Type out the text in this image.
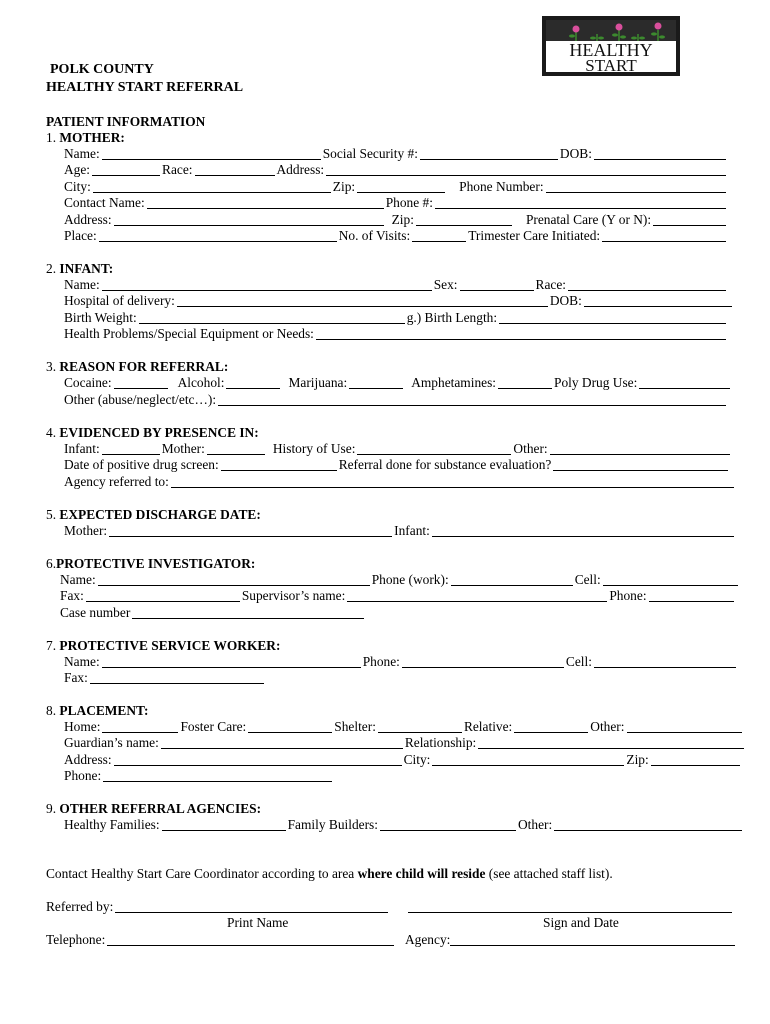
POLK COUNTY
HEALTHY START REFERRAL
HEALTHY
START
PATIENT INFORMATION
1. MOTHER:
Name:	Social Security #:	DOB:
Age:	Race:	Address:
City:	Zip:	Phone Number:
Contact Name:	Phone #:
Address:	Zip:	Prenatal Care (Y or N):
Place:	No. of Visits:	Trimester Care Initiated:
2. INFANT:
Name:	Sex:	Race:
Hospital of delivery:	DOB:
Birth Weight:	g.) Birth Length:
Health Problems/Special Equipment or Needs:
3. REASON FOR REFERRAL:
Cocaine:	Alcohol:	Marijuana:	Amphetamines:	Poly Drug Use:
Other (abuse/neglect/etc…):
4. EVIDENCED BY PRESENCE IN:
Infant:	Mother:	History of Use:	Other:
Date of positive drug screen:	Referral done for substance evaluation?
Agency referred to:
5. EXPECTED DISCHARGE DATE:
Mother:	Infant:
6.PROTECTIVE INVESTIGATOR:
Name:	Phone (work):	Cell:
Fax:	Supervisor’s name:	Phone:
Case number
7. PROTECTIVE SERVICE WORKER:
Name:	Phone:	Cell:
Fax:
8. PLACEMENT:
Home:	Foster Care:	Shelter:	Relative:	Other:
Guardian’s name:	Relationship:
Address:	City:	Zip:
Phone:
9. OTHER REFERRAL AGENCIES:
Healthy Families:	Family Builders:	Other:
Contact Healthy Start Care Coordinator according to area where child will reside (see attached staff list).
Referred by:
Print Name	Sign and Date
Telephone:	Agency:
